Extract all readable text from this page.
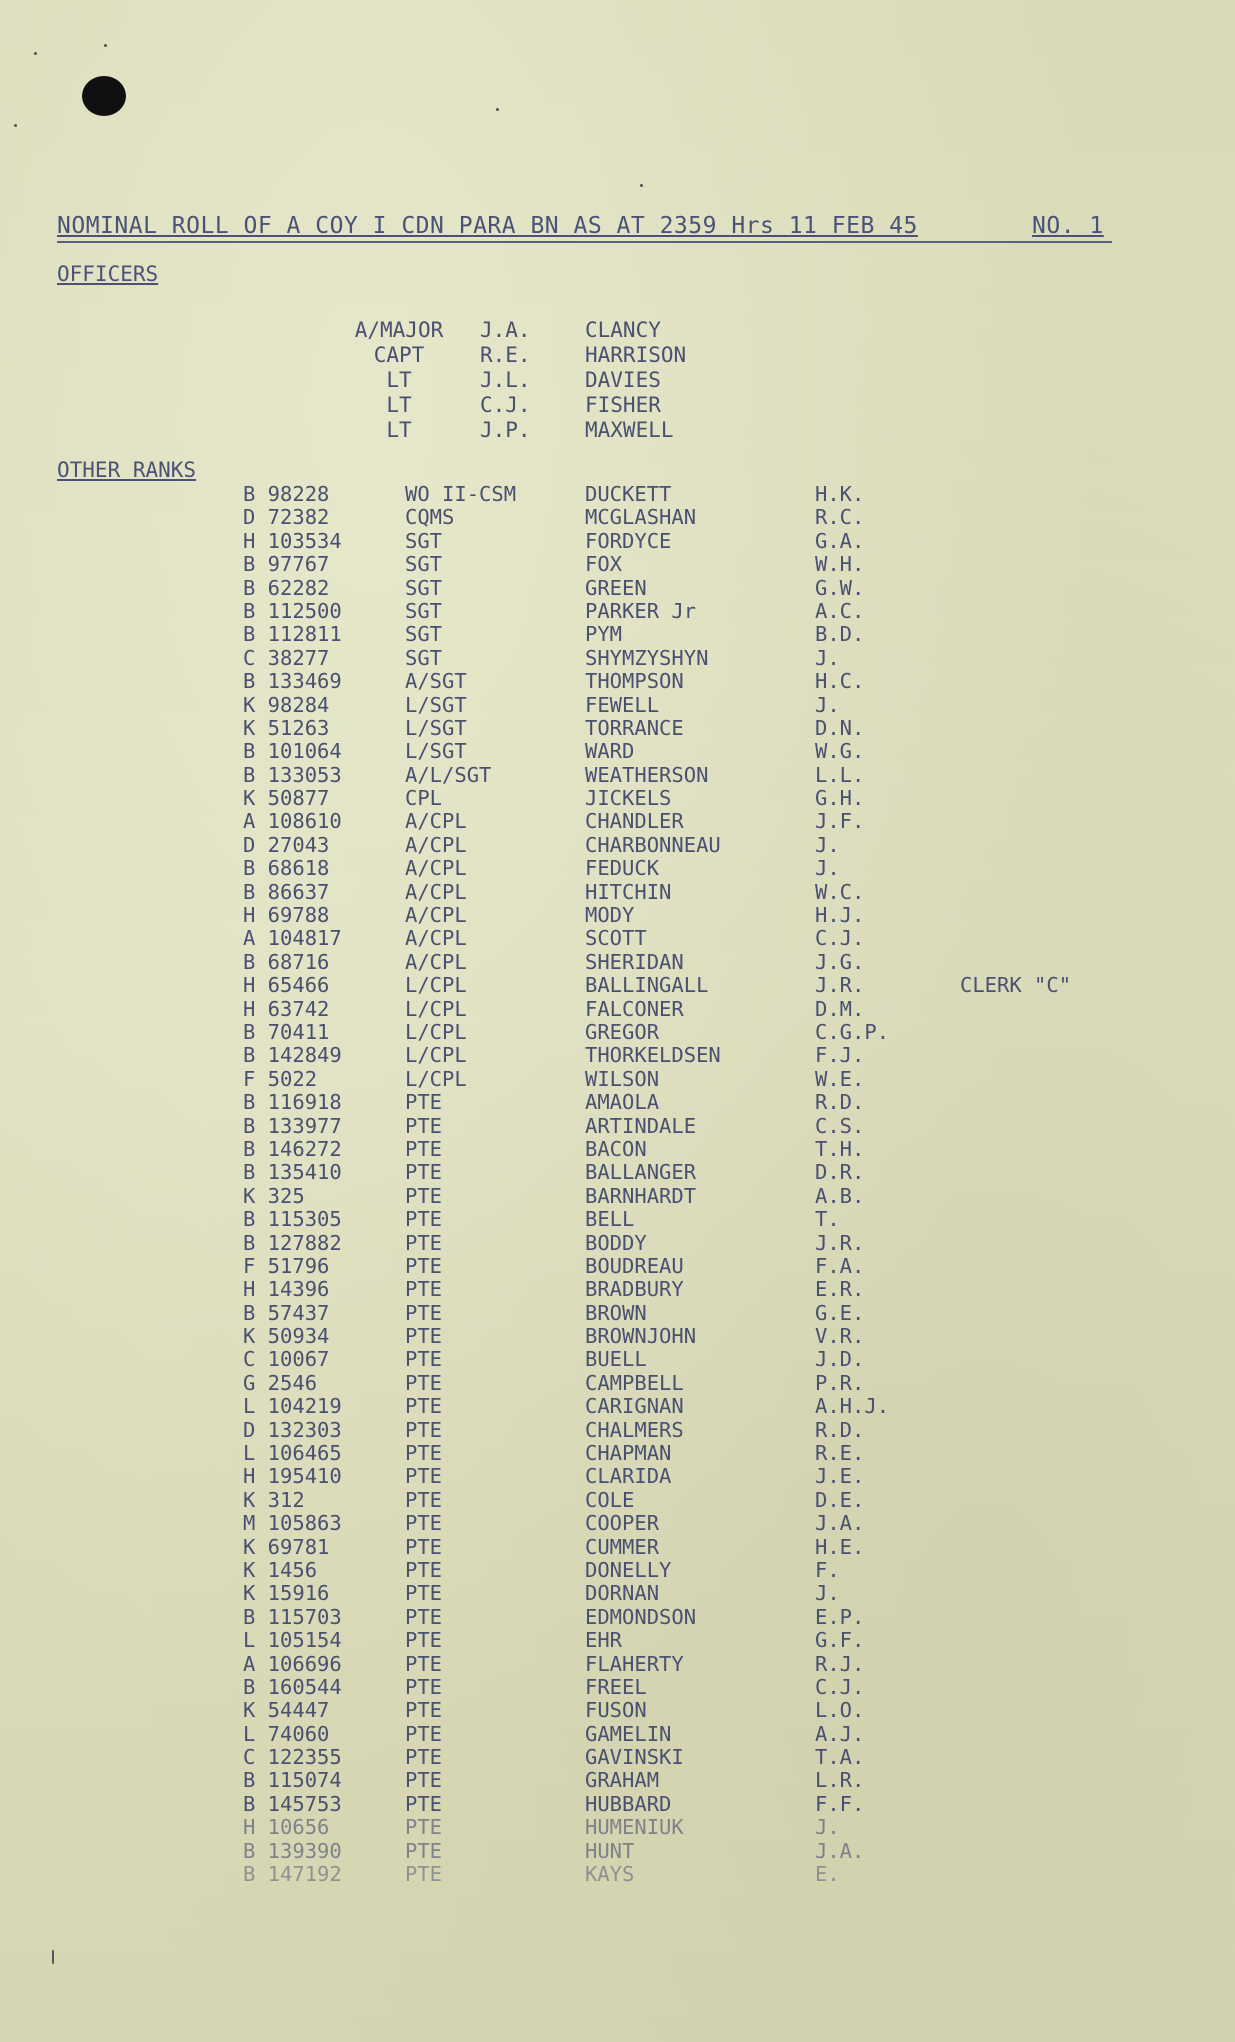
NOMINAL ROLL OF A COY I CDN PARA BN AS AT 2359 Hrs 11 FEB 45	NO. 1
OFFICERS
A/MAJOR	J.A.	CLANCY
CAPT	R.E.	HARRISON
LT	J.L.	DAVIES
LT	C.J.	FISHER
LT	J.P.	MAXWELL
OTHER RANKS
B 98228	WO II-CSM	DUCKETT	H.K.
D 72382	CQMS	MCGLASHAN	R.C.
H 103534	SGT	FORDYCE	G.A.
B 97767	SGT	FOX	W.H.
B 62282	SGT	GREEN	G.W.
B 112500	SGT	PARKER Jr	A.C.
B 112811	SGT	PYM	B.D.
C 38277	SGT	SHYMZYSHYN	J.
B 133469	A/SGT	THOMPSON	H.C.
K 98284	L/SGT	FEWELL	J.
K 51263	L/SGT	TORRANCE	D.N.
B 101064	L/SGT	WARD	W.G.
B 133053	A/L/SGT	WEATHERSON	L.L.
K 50877	CPL	JICKELS	G.H.
A 108610	A/CPL	CHANDLER	J.F.
D 27043	A/CPL	CHARBONNEAU	J.
B 68618	A/CPL	FEDUCK	J.
B 86637	A/CPL	HITCHIN	W.C.
H 69788	A/CPL	MODY	H.J.
A 104817	A/CPL	SCOTT	C.J.
B 68716	A/CPL	SHERIDAN	J.G.
H 65466	L/CPL	BALLINGALL	J.R.	CLERK "C"
H 63742	L/CPL	FALCONER	D.M.
B 70411	L/CPL	GREGOR	C.G.P.
B 142849	L/CPL	THORKELDSEN	F.J.
F 5022	L/CPL	WILSON	W.E.
B 116918	PTE	AMAOLA	R.D.
B 133977	PTE	ARTINDALE	C.S.
B 146272	PTE	BACON	T.H.
B 135410	PTE	BALLANGER	D.R.
K 325	PTE	BARNHARDT	A.B.
B 115305	PTE	BELL	T.
B 127882	PTE	BODDY	J.R.
F 51796	PTE	BOUDREAU	F.A.
H 14396	PTE	BRADBURY	E.R.
B 57437	PTE	BROWN	G.E.
K 50934	PTE	BROWNJOHN	V.R.
C 10067	PTE	BUELL	J.D.
G 2546	PTE	CAMPBELL	P.R.
L 104219	PTE	CARIGNAN	A.H.J.
D 132303	PTE	CHALMERS	R.D.
L 106465	PTE	CHAPMAN	R.E.
H 195410	PTE	CLARIDA	J.E.
K 312	PTE	COLE	D.E.
M 105863	PTE	COOPER	J.A.
K 69781	PTE	CUMMER	H.E.
K 1456	PTE	DONELLY	F.
K 15916	PTE	DORNAN	J.
B 115703	PTE	EDMONDSON	E.P.
L 105154	PTE	EHR	G.F.
A 106696	PTE	FLAHERTY	R.J.
B 160544	PTE	FREEL	C.J.
K 54447	PTE	FUSON	L.O.
L 74060	PTE	GAMELIN	A.J.
C 122355	PTE	GAVINSKI	T.A.
B 115074	PTE	GRAHAM	L.R.
B 145753	PTE	HUBBARD	F.F.
H 10656	PTE	HUMENIUK	J.
B 139390	PTE	HUNT	J.A.
B 147192	PTE	KAYS	E.
